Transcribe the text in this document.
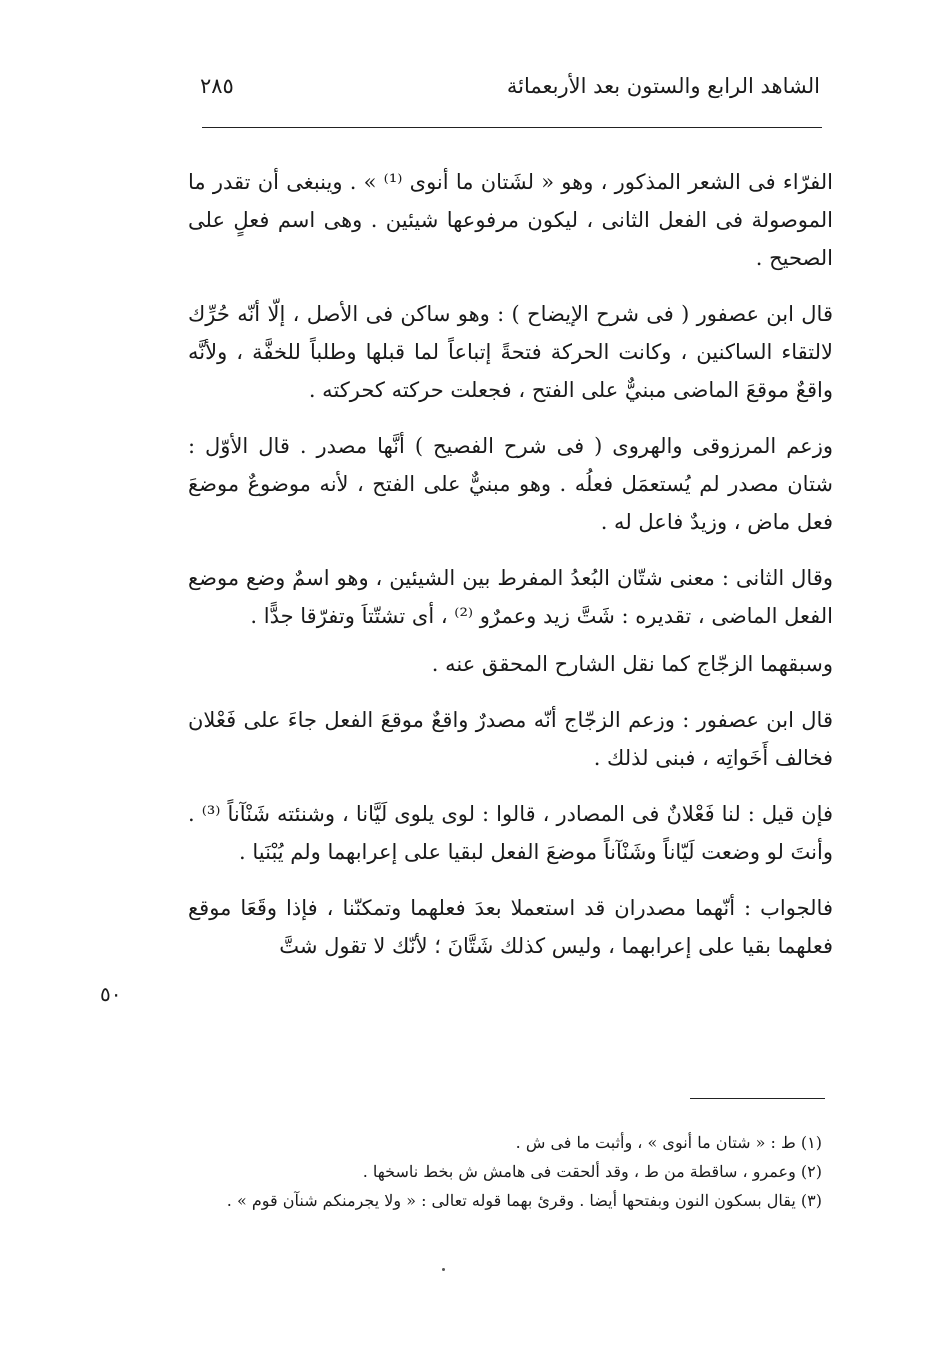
الشاهد الرابع والستون بعد الأربعمائة
٢٨٥

الفرّاء فى الشعر المذكور ، وهو « لشَتان ما أنوى ⁽¹⁾ » . وينبغى أن تقدر ما الموصولة فى الفعل الثانى ، ليكون مرفوعها شيئين . وهى اسم فعلٍ على الصحيح .

قال ابن عصفور ( فى شرح الإيضاح ) : وهو ساكن فى الأصل ، إلّا أنّه حُرِّك لالتقاء الساكنين ، وكانت الحركة فتحةً إتباعاً لما قبلها وطلباً للخفَّة ، ولأنَّه واقعٌ موقعَ الماضى مبنيٌّ على الفتح ، فجعلت حركته كحركته .

وزعم المرزوقى والهروى ( فى شرح الفصيح ) أنَّها مصدر . قال الأوّل : شتان مصدر لم يُستعمَل فعلُه . وهو مبنيٌّ على الفتح ، لأنه موضوعٌ موضعَ فعل ماض ، وزيدٌ فاعل له .

وقال الثانى : معنى شتّان البُعدُ المفرط بين الشيئين ، وهو اسمٌ وضع موضع الفعل الماضى ، تقديره : شَتَّ زيد وعمرٌو ⁽²⁾ ، أى تشتّتاَ وتفرّقا جدًّا .

وسبقهما الزجّاج كما نقل الشارح المحقق عنه .

قال ابن عصفور : وزعم الزجّاج أنّه مصدرٌ واقعٌ موقعَ الفعل جاءَ على فَعْلان فخالف أَخَواتِه ، فبنى لذلك .

فإن قيل : لنا فَعْلانٌ فى المصادر ، قالوا : لوى يلوى لَيَّانا ، وشنئته شَنْآناً ⁽³⁾ . وأنتَ لو وضعت لَيّاناً وشَنْآناً موضعَ الفعل لبقيا على إعرابهما ولم يُبْنَيا .

فالجواب : أنّهما مصدران قد استعملا بعدَ فعلهما وتمكنّنا ، فإذا وقَعَا موقع فعلهما بقيا على إعرابهما ، وليس كذلك شَتَّانَ ؛ لأنّك لا تقول شتَّ

٥٠
(١) ط : « شتان ما أنوى » ، وأثبت ما فى ش .
(٢) وعمرو ، ساقطة من ط ، وقد ألحقت فى هامش ش بخط ناسخها .
(٣) يقال بسكون النون وبفتحها أيضا . وقرئ بهما قوله تعالى : « ولا يجرمنكم شنآن قوم » .
